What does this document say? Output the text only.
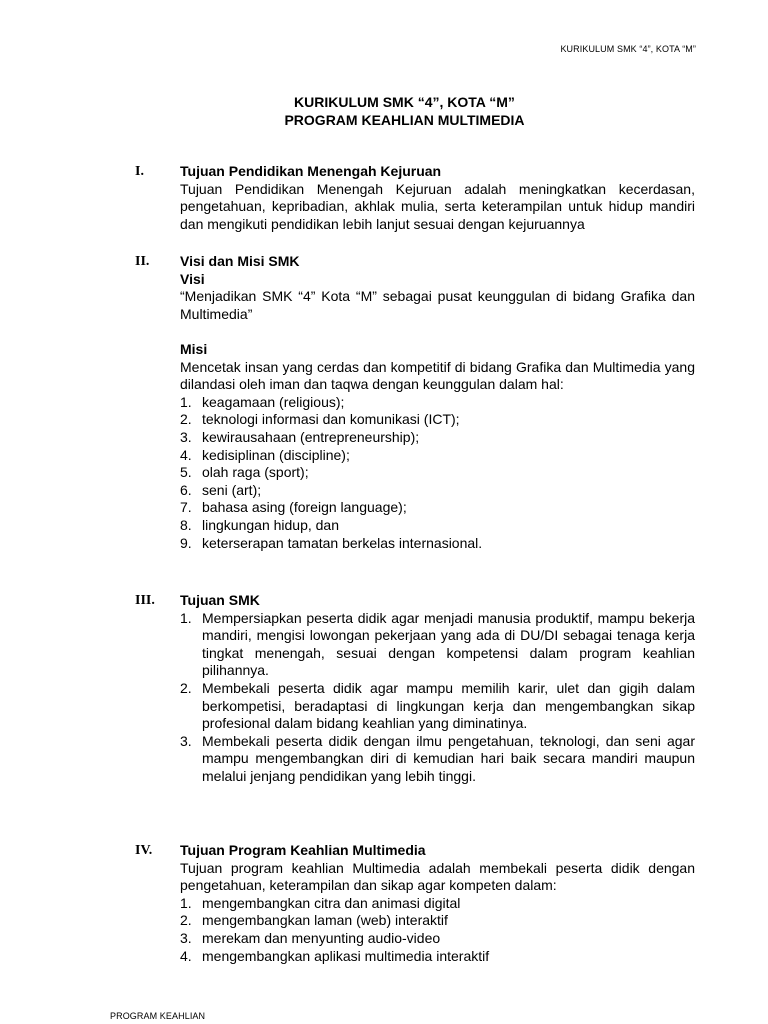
KURIKULUM SMK “4”, KOTA “M”
KURIKULUM SMK “4”, KOTA “M”
PROGRAM KEAHLIAN MULTIMEDIA
I.	Tujuan Pendidikan Menengah Kejuruan
Tujuan Pendidikan Menengah Kejuruan adalah meningkatkan kecerdasan, pengetahuan, kepribadian, akhlak mulia, serta keterampilan untuk hidup mandiri dan mengikuti pendidikan lebih lanjut sesuai dengan kejuruannya
II. Visi dan Misi SMK
Visi
“Menjadikan SMK “4” Kota “M” sebagai pusat keunggulan di bidang Grafika dan Multimedia”
Misi
Mencetak insan yang cerdas dan kompetitif di bidang Grafika dan Multimedia yang dilandasi oleh iman dan taqwa dengan keunggulan dalam hal:
1. keagamaan (religious);
2. teknologi informasi dan komunikasi (ICT);
3. kewirausahaan (entrepreneurship);
4. kedisiplinan (discipline);
5. olah raga (sport);
6. seni (art);
7. bahasa asing (foreign language);
8. lingkungan hidup, dan
9. keterserapan tamatan berkelas internasional.
III. Tujuan SMK
1. Mempersiapkan peserta didik agar menjadi manusia produktif, mampu bekerja mandiri, mengisi lowongan pekerjaan yang ada di DU/DI sebagai tenaga kerja tingkat menengah, sesuai dengan kompetensi dalam program keahlian pilihannya.
2. Membekali peserta didik agar mampu memilih karir, ulet dan gigih dalam berkompetisi, beradaptasi di lingkungan kerja dan mengembangkan sikap profesional dalam bidang keahlian yang diminatinya.
3. Membekali peserta didik dengan ilmu pengetahuan, teknologi, dan seni agar mampu mengembangkan diri di kemudian hari baik secara mandiri maupun melalui jenjang pendidikan yang lebih tinggi.
IV. Tujuan Program Keahlian Multimedia
Tujuan program keahlian Multimedia adalah membekali peserta didik dengan pengetahuan, keterampilan dan sikap agar kompeten dalam:
1. mengembangkan citra dan animasi digital
2. mengembangkan laman (web) interaktif
3. merekam dan menyunting audio-video
4. mengembangkan aplikasi multimedia interaktif
PROGRAM KEAHLIAN
